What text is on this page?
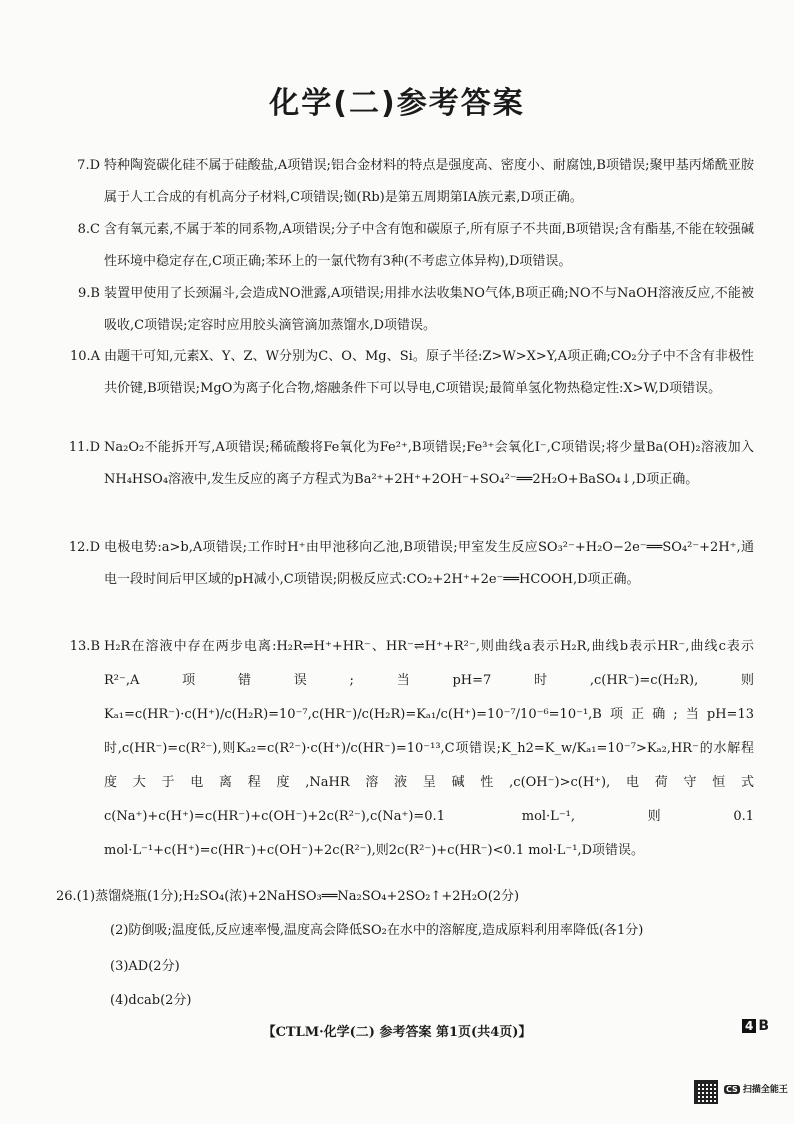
化学(二)参考答案
7.D 特种陶瓷碳化硅不属于硅酸盐,A项错误;铝合金材料的特点是强度高、密度小、耐腐蚀,B项错误;聚甲基丙烯酰亚胺属于人工合成的有机高分子材料,C项错误;铷(Rb)是第五周期第ⅠA族元素,D项正确。
8.C 含有氧元素,不属于苯的同系物,A项错误;分子中含有饱和碳原子,所有原子不共面,B项错误;含有酯基,不能在较强碱性环境中稳定存在,C项正确;苯环上的一氯代物有3种(不考虑立体异构),D项错误。
9.B 装置甲使用了长颈漏斗,会造成NO泄露,A项错误;用排水法收集NO气体,B项正确;NO不与NaOH溶液反应,不能被吸收,C项错误;定容时应用胶头滴管滴加蒸馏水,D项错误。
10.A 由题干可知,元素X、Y、Z、W分别为C、O、Mg、Si。原子半径:Z>W>X>Y,A项正确;CO₂分子中不含有非极性共价键,B项错误;MgO为离子化合物,熔融条件下可以导电,C项错误;最简单氢化物热稳定性:X>W,D项错误。
11.D Na₂O₂不能拆开写,A项错误;稀硫酸将Fe氧化为Fe²⁺,B项错误;Fe³⁺会氧化I⁻,C项错误;将少量Ba(OH)₂溶液加入NH₄HSO₄溶液中,发生反应的离子方程式为Ba²⁺+2H⁺+2OH⁻+SO₄²⁻══2H₂O+BaSO₄↓,D项正确。
12.D 电极电势:a>b,A项错误;工作时H⁺由甲池移向乙池,B项错误;甲室发生反应SO₃²⁻+H₂O−2e⁻══SO₄²⁻+2H⁺,通电一段时间后甲区域的pH减小,C项错误;阴极反应式:CO₂+2H⁺+2e⁻══HCOOH,D项正确。
13.B H₂R在溶液中存在两步电离:H₂R⇌H⁺+HR⁻、HR⁻⇌H⁺+R²⁻,则曲线a表示H₂R,曲线b表示HR⁻,曲线c表示R²⁻,A项错误;当pH=7时,c(HR⁻)=c(H₂R),则Kₐ₁=c(HR⁻)·c(H⁺)/c(H₂R)=10⁻⁷,c(HR⁻)/c(H₂R)=Kₐ₁/c(H⁺)=10⁻⁷/10⁻⁶=10⁻¹,B项正确;当pH=13时,c(HR⁻)=c(R²⁻),则Kₐ₂=c(R²⁻)·c(H⁺)/c(HR⁻)=10⁻¹³,C项错误;K_h2=K_w/Kₐ₁=10⁻⁷>Kₐ₂,HR⁻的水解程度大于电离程度,NaHR溶液呈碱性,c(OH⁻)>c(H⁺),电荷守恒式c(Na⁺)+c(H⁺)=c(HR⁻)+c(OH⁻)+2c(R²⁻),c(Na⁺)=0.1 mol·L⁻¹,则0.1 mol·L⁻¹+c(H⁺)=c(HR⁻)+c(OH⁻)+2c(R²⁻),则2c(R²⁻)+c(HR⁻)<0.1 mol·L⁻¹,D项错误。
26.(1)蒸馏烧瓶(1分);H₂SO₄(浓)+2NaHSO₃══Na₂SO₄+2SO₂↑+2H₂O(2分)
(2)防倒吸;温度低,反应速率慢,温度高会降低SO₂在水中的溶解度,造成原料利用率降低(各1分)
(3)AD(2分)
(4)dcab(2分)
【CTLM·化学(二) 参考答案 第1页(共4页)】	4 B
CS 扫描全能王
